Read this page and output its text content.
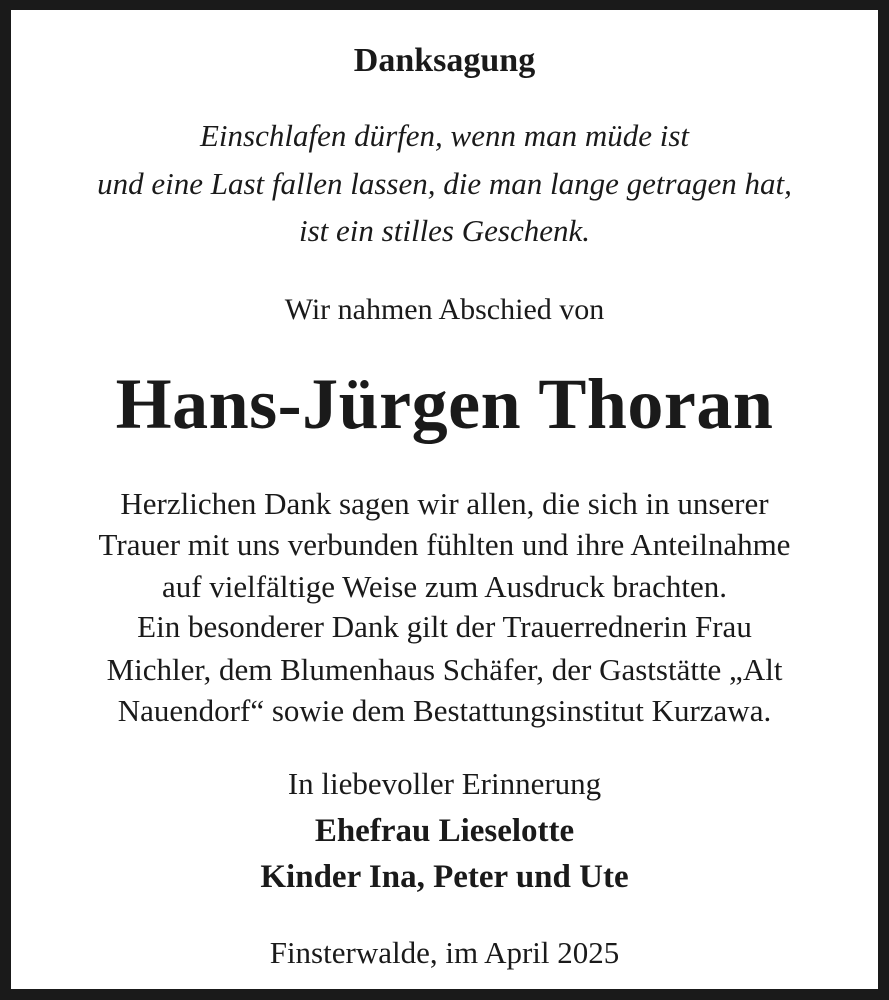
Danksagung

Einschlafen dürfen, wenn man müde ist

und eine Last fallen lassen, die man lange getragen hat,

ist ein stilles Geschenk.

Wir nahmen Abschied von

Hans-Jürgen Thoran

Herzlichen Dank sagen wir allen, die sich in unserer

Trauer mit uns verbunden fühlten und ihre Anteilnahme

auf vielfältige Weise zum Ausdruck brachten.

Ein besonderer Dank gilt der Trauerrednerin Frau

Michler, dem Blumenhaus Schäfer, der Gaststätte „Alt

Nauendorf“ sowie dem Bestattungsinstitut Kurzawa.

In liebevoller Erinnerung

Ehefrau Lieselotte

Kinder Ina, Peter und Ute

Finsterwalde, im April 2025
